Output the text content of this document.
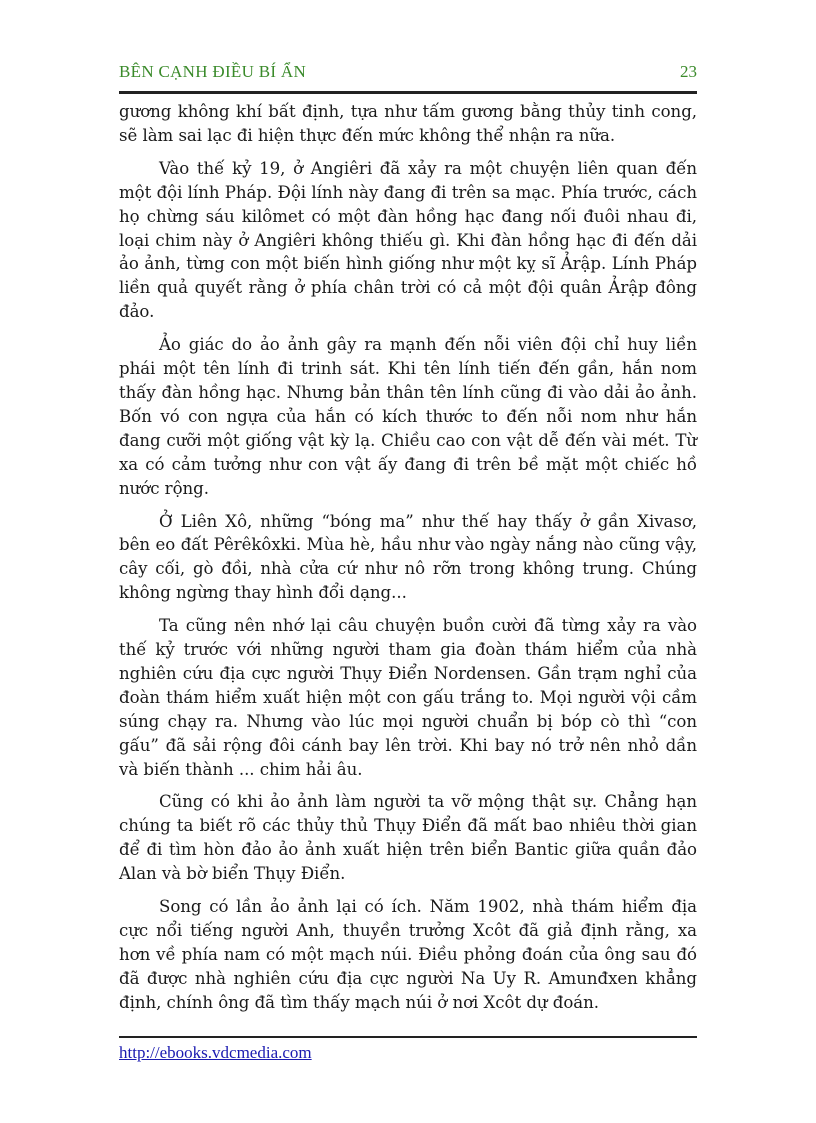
BÊN CẠNH ĐIỀU BÍ ẨN	23

gương không khí bất định, tựa như tấm gương bằng thủy tinh cong, sẽ làm sai lạc đi hiện thực đến mức không thể nhận ra nữa.

Vào thế kỷ 19, ở Angiêri đã xảy ra một chuyện liên quan đến một đội lính Pháp. Đội lính này đang đi trên sa mạc. Phía trước, cách họ chừng sáu kilômet có một đàn hồng hạc đang nối đuôi nhau đi, loại chim này ở Angiêri không thiếu gì. Khi đàn hồng hạc đi đến dải ảo ảnh, từng con một biến hình giống như một kỵ sĩ Ảrập. Lính Pháp liền quả quyết rằng ở phía chân trời có cả một đội quân Ảrập đông đảo.

Ảo giác do ảo ảnh gây ra mạnh đến nỗi viên đội chỉ huy liền phái một tên lính đi trinh sát. Khi tên lính tiến đến gần, hắn nom thấy đàn hồng hạc. Nhưng bản thân tên lính cũng đi vào dải ảo ảnh. Bốn vó con ngựa của hắn có kích thước to đến nỗi nom như hắn đang cưỡi một giống vật kỳ lạ. Chiều cao con vật dễ đến vài mét. Từ xa có cảm tưởng như con vật ấy đang đi trên bề mặt một chiếc hồ nước rộng.

Ở Liên Xô, những “bóng ma” như thế hay thấy ở gần Xivasơ, bên eo đất Pêrêkôxki. Mùa hè, hầu như vào ngày nắng nào cũng vậy, cây cối, gò đồi, nhà cửa cứ như nô rỡn trong không trung. Chúng không ngừng thay hình đổi dạng...

Ta cũng nên nhớ lại câu chuyện buồn cười đã từng xảy ra vào thế kỷ trước với những người tham gia đoàn thám hiểm của nhà nghiên cứu địa cực người Thụy Điển Nordensen. Gần trạm nghỉ của đoàn thám hiểm xuất hiện một con gấu trắng to. Mọi người vội cầm súng chạy ra. Nhưng vào lúc mọi người chuẩn bị bóp cò thì “con gấu” đã sải rộng đôi cánh bay lên trời. Khi bay nó trở nên nhỏ dần và biến thành ... chim hải âu.

Cũng có khi ảo ảnh làm người ta vỡ mộng thật sự. Chẳng hạn chúng ta biết rõ các thủy thủ Thụy Điển đã mất bao nhiêu thời gian để đi tìm hòn đảo ảo ảnh xuất hiện trên biển Bantic giữa quần đảo Alan và bờ biển Thụy Điển.

Song có lần ảo ảnh lại có ích. Năm 1902, nhà thám hiểm địa cực nổi tiếng người Anh, thuyền trưởng Xcôt đã giả định rằng, xa hơn về phía nam có một mạch núi. Điều phỏng đoán của ông sau đó đã được nhà nghiên cứu địa cực người Na Uy R. Amunđxen khẳng định, chính ông đã tìm thấy mạch núi ở nơi Xcôt dự đoán.

http://ebooks.vdcmedia.com
